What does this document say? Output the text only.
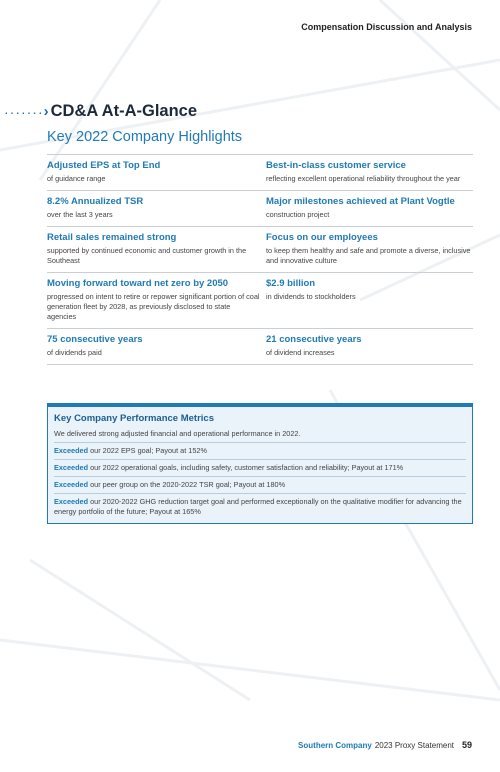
Compensation Discussion and Analysis
······· › CD&A At-A-Glance
Key 2022 Company Highlights
Adjusted EPS at Top End
of guidance range
Best-in-class customer service
reflecting excellent operational reliability throughout the year
8.2% Annualized TSR
over the last 3 years
Major milestones achieved at Plant Vogtle
construction project
Retail sales remained strong
supported by continued economic and customer growth in the Southeast
Focus on our employees
to keep them healthy and safe and promote a diverse, inclusive and innovative culture
Moving forward toward net zero by 2050
progressed on intent to retire or repower significant portion of coal generation fleet by 2028, as previously disclosed to state agencies
$2.9 billion
in dividends to stockholders
75 consecutive years
of dividends paid
21 consecutive years
of dividend increases
Key Company Performance Metrics
We delivered strong adjusted financial and operational performance in 2022.
Exceeded our 2022 EPS goal; Payout at 152%
Exceeded our 2022 operational goals, including safety, customer satisfaction and reliability; Payout at 171%
Exceeded our peer group on the 2020-2022 TSR goal; Payout at 180%
Exceeded our 2020-2022 GHG reduction target goal and performed exceptionally on the qualitative modifier for advancing the energy portfolio of the future; Payout at 165%
Southern Company 2023 Proxy Statement 59
